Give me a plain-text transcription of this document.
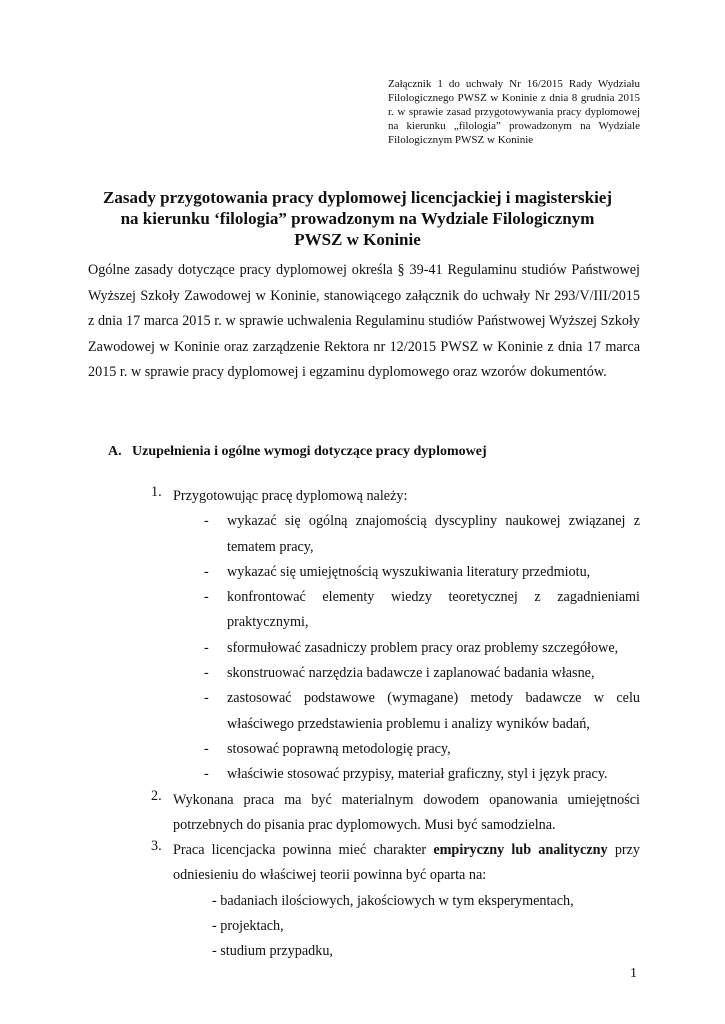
Załącznik 1 do uchwały Nr 16/2015 Rady Wydziału Filologicznego PWSZ w Koninie z dnia 8 grudnia 2015 r. w sprawie zasad przygotowywania pracy dyplomowej na kierunku „filologia” prowadzonym na Wydziale Filologicznym PWSZ w Koninie
Zasady przygotowania pracy dyplomowej licencjackiej i magisterskiej
na kierunku ‘filologia” prowadzonym na Wydziale Filologicznym
PWSZ w Koninie
Ogólne zasady dotyczące pracy dyplomowej określa § 39-41 Regulaminu studiów Państwowej Wyższej Szkoły Zawodowej w Koninie, stanowiącego załącznik do uchwały Nr 293/V/III/2015 z dnia 17 marca 2015 r. w sprawie uchwalenia Regulaminu studiów Państwowej Wyższej Szkoły Zawodowej w Koninie oraz zarządzenie Rektora nr 12/2015 PWSZ w Koninie z dnia 17 marca 2015 r. w sprawie pracy dyplomowej i egzaminu dyplomowego oraz wzorów dokumentów.
A. Uzupełnienia i ogólne wymogi dotyczące pracy dyplomowej
1. Przygotowując pracę dyplomową należy:
- wykazać się ogólną znajomością dyscypliny naukowej związanej z tematem pracy,
- wykazać się umiejętnością wyszukiwania literatury przedmiotu,
- konfrontować elementy wiedzy teoretycznej z zagadnieniami praktycznymi,
- sformułować zasadniczy problem pracy oraz problemy szczegółowe,
- skonstruować narzędzia badawcze i zaplanować badania własne,
- zastosować podstawowe (wymagane) metody badawcze w celu właściwego przedstawienia problemu i analizy wyników badań,
- stosować poprawną metodologię pracy,
- właściwie stosować przypisy, materiał graficzny, styl i język pracy.
2. Wykonana praca ma być materialnym dowodem opanowania umiejętności potrzebnych do pisania prac dyplomowych. Musi być samodzielna.
3. Praca licencjacka powinna mieć charakter empiryczny lub analityczny przy odniesieniu do właściwej teorii powinna być oparta na:
- badaniach ilościowych, jakościowych w tym eksperymentach,
- projektach,
- studium przypadku,
1
